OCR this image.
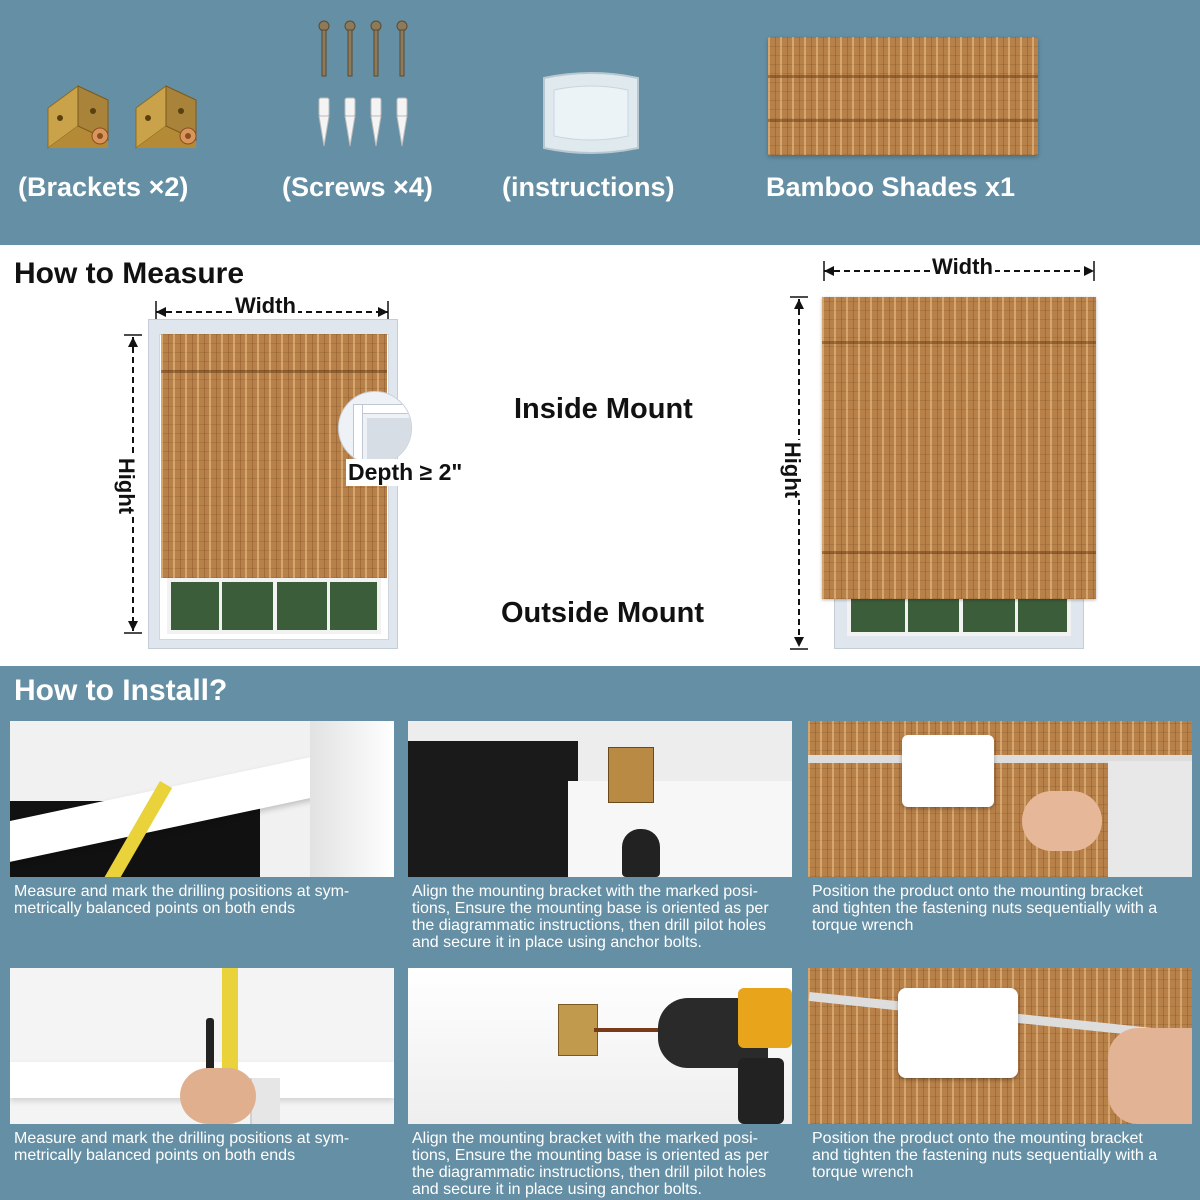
(Brackets ×2)	(Screws ×4)	(instructions)	Bamboo Shades x1
How to Measure
Width
Hight	Depth ≥ 2"
Inside Mount
Outside Mount
Width
Hight
How to Install?
Measure and mark the drilling positions at sym-
metrically balanced points on both ends
Align the mounting bracket with the marked posi-
tions, Ensure the mounting base is oriented as per
the diagrammatic instructions, then drill pilot holes
and secure it in place using anchor bolts.
Position the product onto the mounting bracket
and tighten the fastening nuts sequentially with a
torque wrench
Measure and mark the drilling positions at sym-
metrically balanced points on both ends
Align the mounting bracket with the marked posi-
tions, Ensure the mounting base is oriented as per
the diagrammatic instructions, then drill pilot holes
and secure it in place using anchor bolts.
Position the product onto the mounting bracket
and tighten the fastening nuts sequentially with a
torque wrench
